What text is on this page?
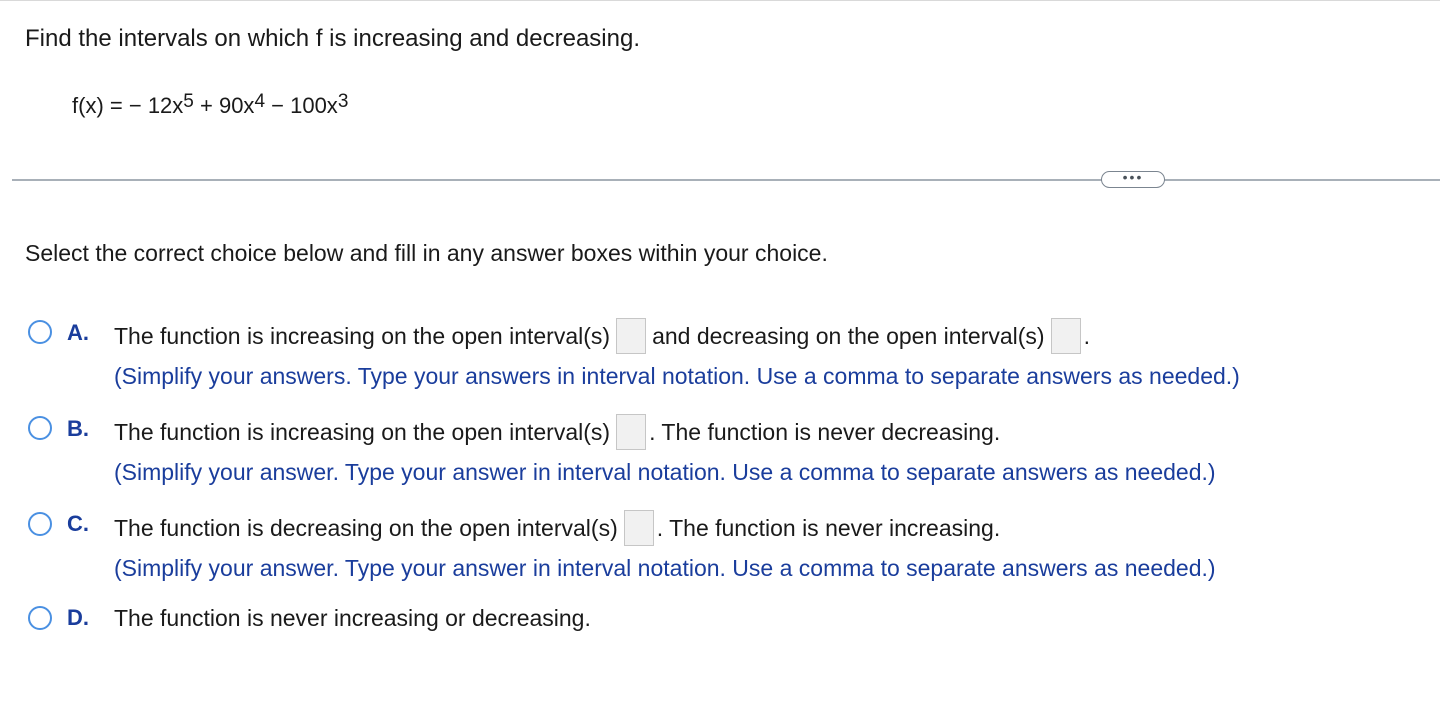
Find the intervals on which f is increasing and decreasing.
f(x) = − $12x^5 + 90x^4 - 100x^3$
•••
Select the correct choice below and fill in any answer boxes within your choice.
A. The function is increasing on the open interval(s) and decreasing on the open interval(s) .
(Simplify your answers. Type your answers in interval notation. Use a comma to separate answers as needed.)
B. The function is increasing on the open interval(s) . The function is never decreasing.
(Simplify your answer. Type your answer in interval notation. Use a comma to separate answers as needed.)
C. The function is decreasing on the open interval(s) . The function is never increasing.
(Simplify your answer. Type your answer in interval notation. Use a comma to separate answers as needed.)
D. The function is never increasing or decreasing.
